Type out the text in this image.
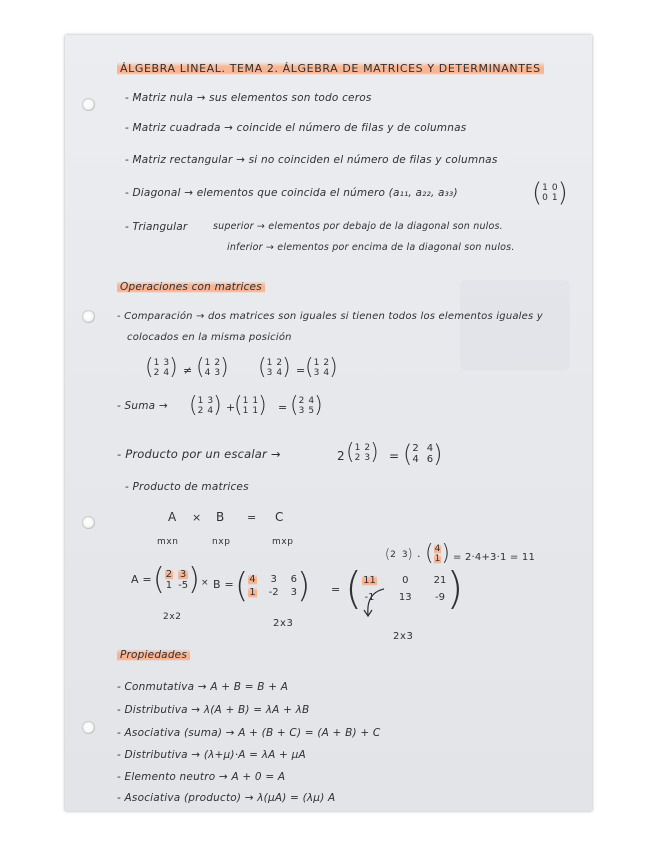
ÁLGEBRA LINEAL. TEMA 2. ÁLGEBRA DE MATRICES Y DETERMINANTES
- Matriz nula → sus elementos son todo ceros
- Matriz cuadrada → coincide el número de filas y de columnas
- Matriz rectangular → si no coinciden el número de filas y columnas
- Diagonal → elementos que coincida el número (a₁₁, a₂₂, a₃₃)	( 1 0
0 1 )
- Triangular	superior → elementos por debajo de la diagonal son nulos.
inferior → elementos por encima de la diagonal son nulos.
Operaciones con matrices
- Comparación → dos matrices son iguales si tienen todos los elementos iguales y
colocados en la misma posición
( 1 3
2 4 ) ≠ ( 1 2
4 3 ) ( 1 2
3 4 ) = ( 1 2
3 4 )
- Suma → ( 1 3
2 4 ) +
( 1 1
1 1 ) = ( 2 4
3 5 )
- Producto por un escalar →	2 ( 1 2
2 3 ) = ( 2 4
4 6 )
- Producto de matrices
A × B = C
mxn	nxp	mxp
( 2 3 ) · ( 4
1 ) = 2·4+3·1 = 11
A = ( 2 3
1 -5 )
2x2
× B = ( 4 3 6
1 -2 3 )
2x3
= ( 11	0	21
-1 13 -9 )
2x3
Propiedades
- Conmutativa → A + B = B + A
- Distributiva → λ(A + B) = λA + λB
- Asociativa (suma) → A + (B + C) = (A + B) + C
- Distributiva → (λ+μ)·A = λA + μA
- Elemento neutro → A + 0 = A
- Asociativa (producto) → λ(μA) = (λμ) A
